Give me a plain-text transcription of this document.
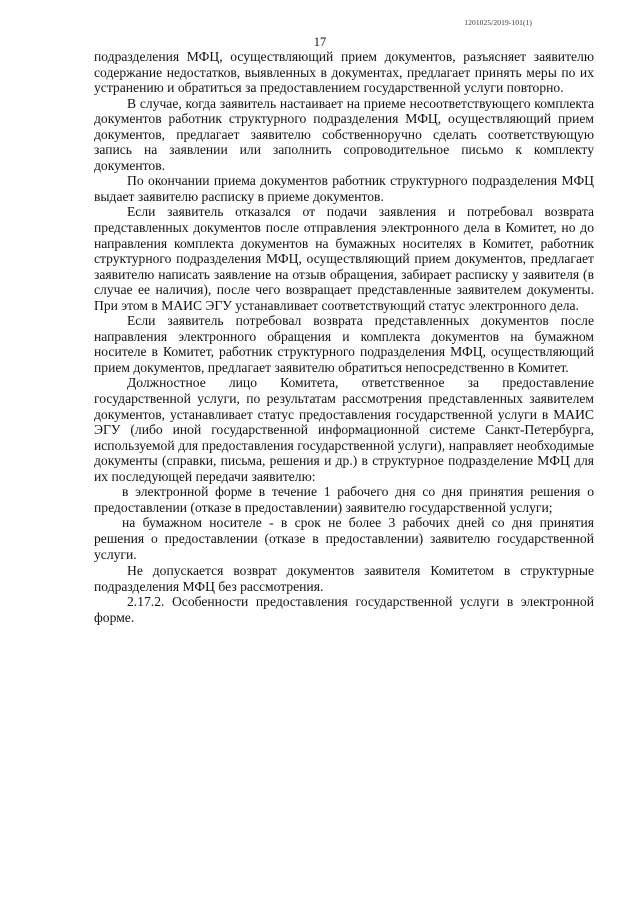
1201025/2019-101(1)
17

подразделения МФЦ, осуществляющий прием документов, разъясняет заявителю содержание недостатков, выявленных в документах, предлагает принять меры по их устранению и обратиться за предоставлением государственной услуги повторно.

В случае, когда заявитель настаивает на приеме несоответствующего комплекта документов работник структурного подразделения МФЦ, осуществляющий прием документов, предлагает заявителю собственноручно сделать соответствующую запись на заявлении или заполнить сопроводительное письмо к комплекту документов.

По окончании приема документов работник структурного подразделения МФЦ выдает заявителю расписку в приеме документов.

Если заявитель отказался от подачи заявления и потребовал возврата представленных документов после отправления электронного дела в Комитет, но до направления комплекта документов на бумажных носителях в Комитет, работник структурного подразделения МФЦ, осуществляющий прием документов, предлагает заявителю написать заявление на отзыв обращения, забирает расписку у заявителя (в случае ее наличия), после чего возвращает представленные заявителем документы. При этом в МАИС ЭГУ устанавливает соответствующий статус электронного дела.

Если заявитель потребовал возврата представленных документов после направления электронного обращения и комплекта документов на бумажном носителе в Комитет, работник структурного подразделения МФЦ, осуществляющий прием документов, предлагает заявителю обратиться непосредственно в Комитет.

Должностное лицо Комитета, ответственное за предоставление государственной услуги, по результатам рассмотрения представленных заявителем документов, устанавливает статус предоставления государственной услуги в МАИС ЭГУ (либо иной государственной информационной системе Санкт-Петербурга, используемой для предоставления государственной услуги), направляет необходимые документы (справки, письма, решения и др.) в структурное подразделение МФЦ для их последующей передачи заявителю:

в электронной форме в течение 1 рабочего дня со дня принятия решения о предоставлении (отказе в предоставлении) заявителю государственной услуги;

на бумажном носителе - в срок не более 3 рабочих дней со дня принятия решения о предоставлении (отказе в предоставлении) заявителю государственной услуги.

Не допускается возврат документов заявителя Комитетом в структурные подразделения МФЦ без рассмотрения.

2.17.2. Особенности предоставления государственной услуги в электронной форме.
